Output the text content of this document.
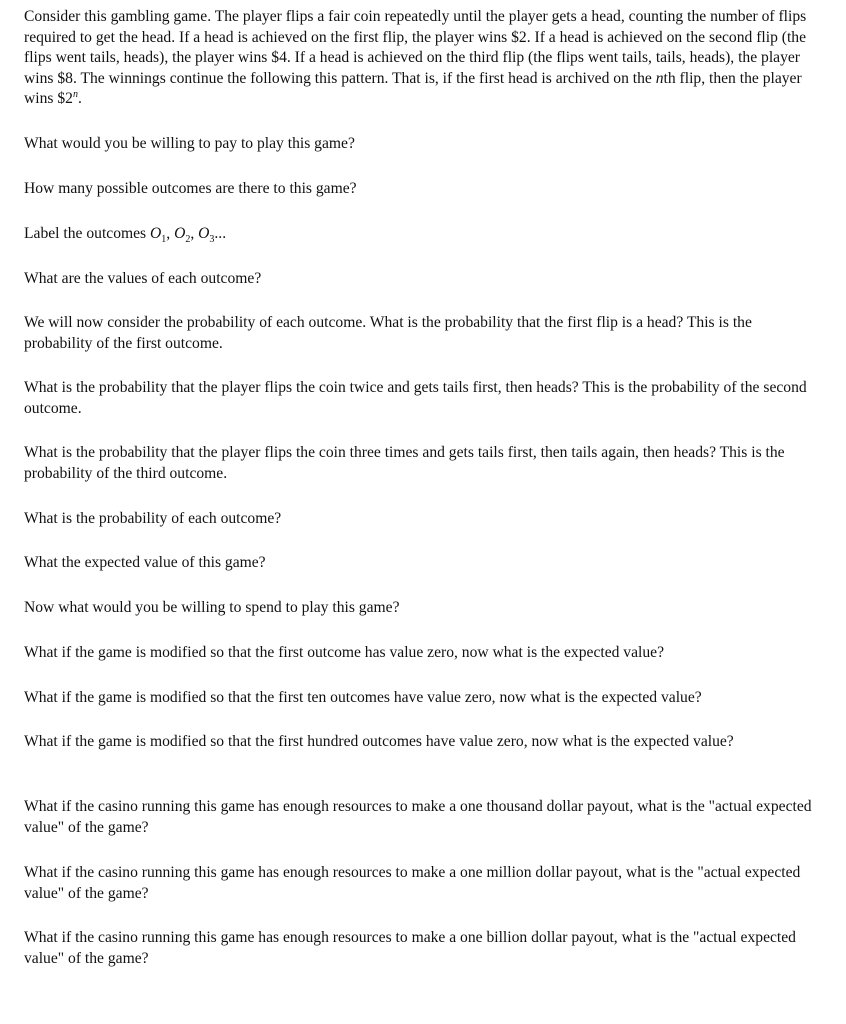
Consider this gambling game. The player flips a fair coin repeatedly until the player gets a head, counting the number of flips required to get the head. If a head is achieved on the first flip, the player wins $2. If a head is achieved on the second flip (the flips went tails, heads), the player wins $4. If a head is achieved on the third flip (the flips went tails, tails, heads), the player wins $8. The winnings continue the following this pattern. That is, if the first head is archived on the nth flip, then the player wins $2$^n$.

What would you be willing to pay to play this game?

How many possible outcomes are there to this game?

Label the outcomes $O_1$, $O_2$, $O_3$...

What are the values of each outcome?

We will now consider the probability of each outcome. What is the probability that the first flip is a head? This is the probability of the first outcome.

What is the probability that the player flips the coin twice and gets tails first, then heads? This is the probability of the second outcome.

What is the probability that the player flips the coin three times and gets tails first, then tails again, then heads? This is the probability of the third outcome.

What is the probability of each outcome?

What the expected value of this game?

Now what would you be willing to spend to play this game?

What if the game is modified so that the first outcome has value zero, now what is the expected value?

What if the game is modified so that the first ten outcomes have value zero, now what is the expected value?

What if the game is modified so that the first hundred outcomes have value zero, now what is the expected value?

What if the casino running this game has enough resources to make a one thousand dollar payout, what is the "actual expected value" of the game?

What if the casino running this game has enough resources to make a one million dollar payout, what is the "actual expected value" of the game?

What if the casino running this game has enough resources to make a one billion dollar payout, what is the "actual expected value" of the game?
